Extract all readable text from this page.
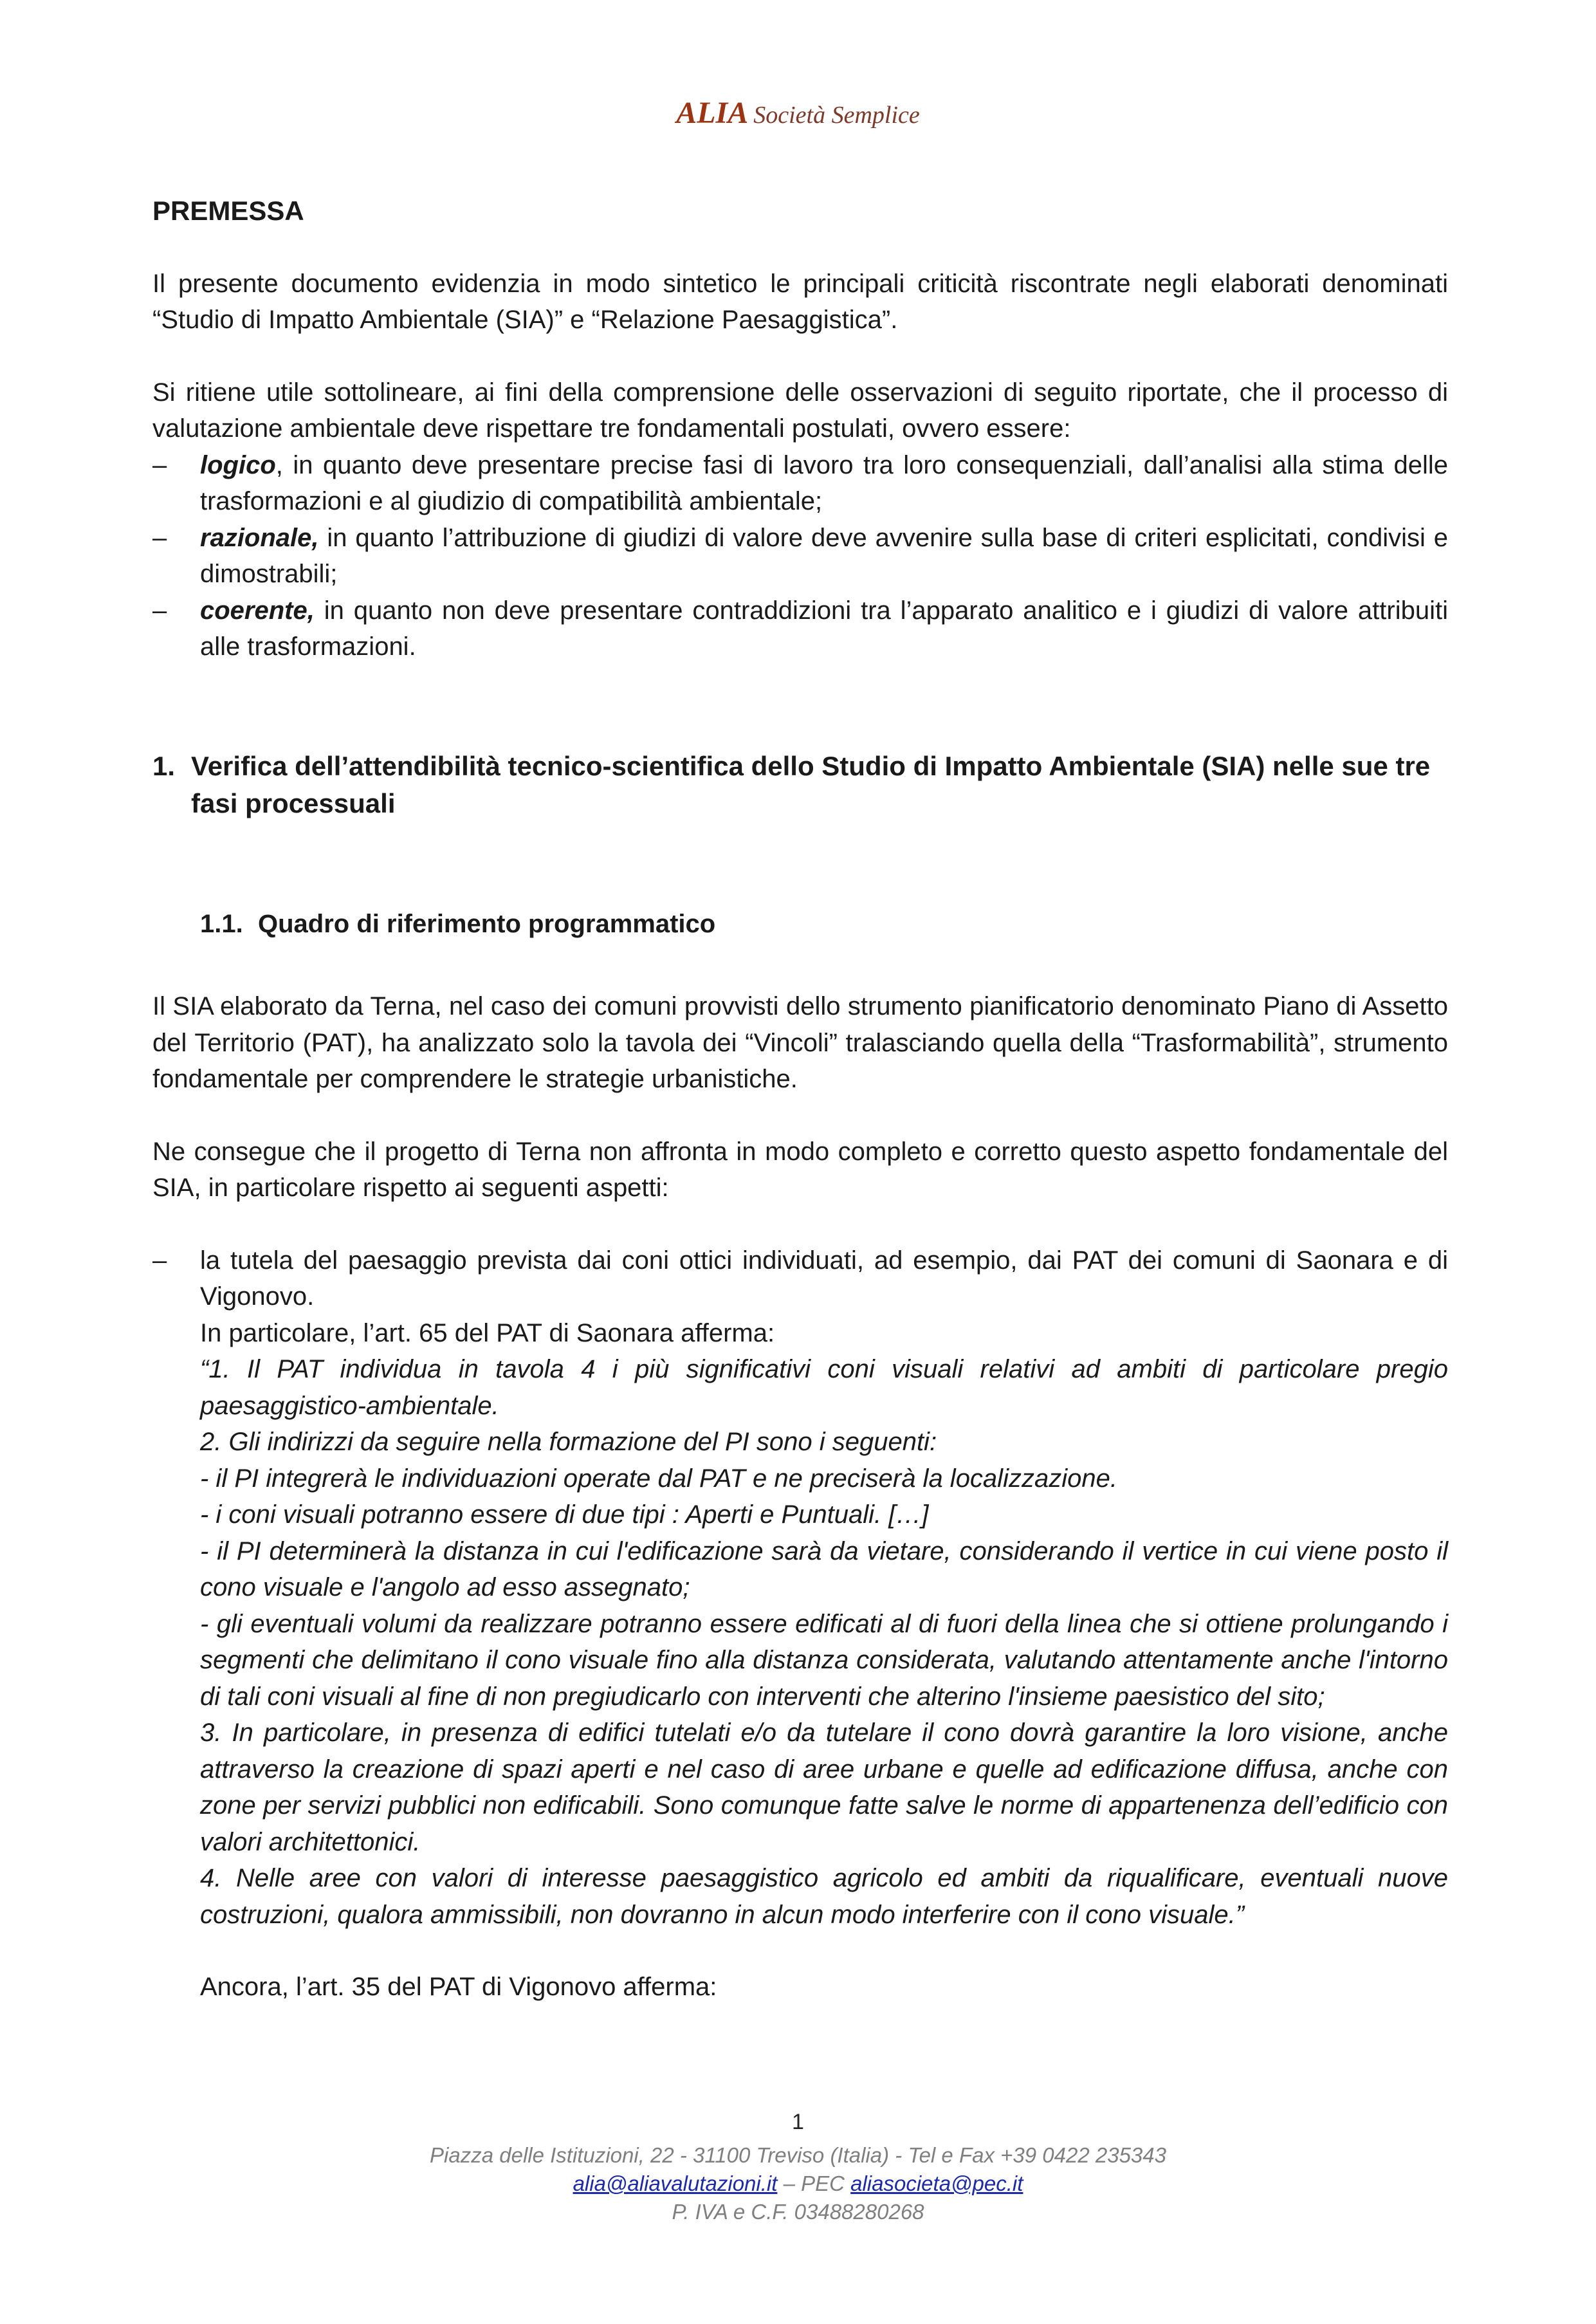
ALIA Società Semplice

PREMESSA

Il presente documento evidenzia in modo sintetico le principali criticità riscontrate negli elaborati denominati “Studio di Impatto Ambientale (SIA)” e “Relazione Paesaggistica”.

Si ritiene utile sottolineare, ai fini della comprensione delle osservazioni di seguito riportate, che il processo di valutazione ambientale deve rispettare tre fondamentali postulati, ovvero essere:

– logico, in quanto deve presentare precise fasi di lavoro tra loro consequenziali, dall’analisi alla stima delle trasformazioni e al giudizio di compatibilità ambientale;
– razionale, in quanto l’attribuzione di giudizi di valore deve avvenire sulla base di criteri esplicitati, condivisi e dimostrabili;
– coerente, in quanto non deve presentare contraddizioni tra l’apparato analitico e i giudizi di valore attribuiti alle trasformazioni.

1. Verifica dell’attendibilità tecnico-scientifica dello Studio di Impatto Ambientale (SIA) nelle sue tre fasi processuali

1.1. Quadro di riferimento programmatico

Il SIA elaborato da Terna, nel caso dei comuni provvisti dello strumento pianificatorio denominato Piano di Assetto del Territorio (PAT), ha analizzato solo la tavola dei “Vincoli” tralasciando quella della “Trasformabilità”, strumento fondamentale per comprendere le strategie urbanistiche.

Ne consegue che il progetto di Terna non affronta in modo completo e corretto questo aspetto fondamentale del SIA, in particolare rispetto ai seguenti aspetti:

– la tutela del paesaggio prevista dai coni ottici individuati, ad esempio, dai PAT dei comuni di Saonara e di Vigonovo.

In particolare, l’art. 65 del PAT di Saonara afferma:

“1. Il PAT individua in tavola 4 i più significativi coni visuali relativi ad ambiti di particolare pregio paesaggistico-ambientale.

2. Gli indirizzi da seguire nella formazione del PI sono i seguenti:

- il PI integrerà le individuazioni operate dal PAT e ne preciserà la localizzazione.

- i coni visuali potranno essere di due tipi : Aperti e Puntuali. […]

- il PI determinerà la distanza in cui l'edificazione sarà da vietare, considerando il vertice in cui viene posto il cono visuale e l'angolo ad esso assegnato;

- gli eventuali volumi da realizzare potranno essere edificati al di fuori della linea che si ottiene prolungando i segmenti che delimitano il cono visuale fino alla distanza considerata, valutando attentamente anche l'intorno di tali coni visuali al fine di non pregiudicarlo con interventi che alterino l'insieme paesistico del sito;

3. In particolare, in presenza di edifici tutelati e/o da tutelare il cono dovrà garantire la loro visione, anche attraverso la creazione di spazi aperti e nel caso di aree urbane e quelle ad edificazione diffusa, anche con zone per servizi pubblici non edificabili. Sono comunque fatte salve le norme di appartenenza dell’edificio con valori architettonici.

4. Nelle aree con valori di interesse paesaggistico agricolo ed ambiti da riqualificare, eventuali nuove costruzioni, qualora ammissibili, non dovranno in alcun modo interferire con il cono visuale.”

Ancora, l’art. 35 del PAT di Vigonovo afferma:

1
Piazza delle Istituzioni, 22 - 31100 Treviso (Italia) - Tel e Fax +39 0422 235343
alia@aliavalutazioni.it – PEC aliasocieta@pec.it
P. IVA e C.F. 03488280268
